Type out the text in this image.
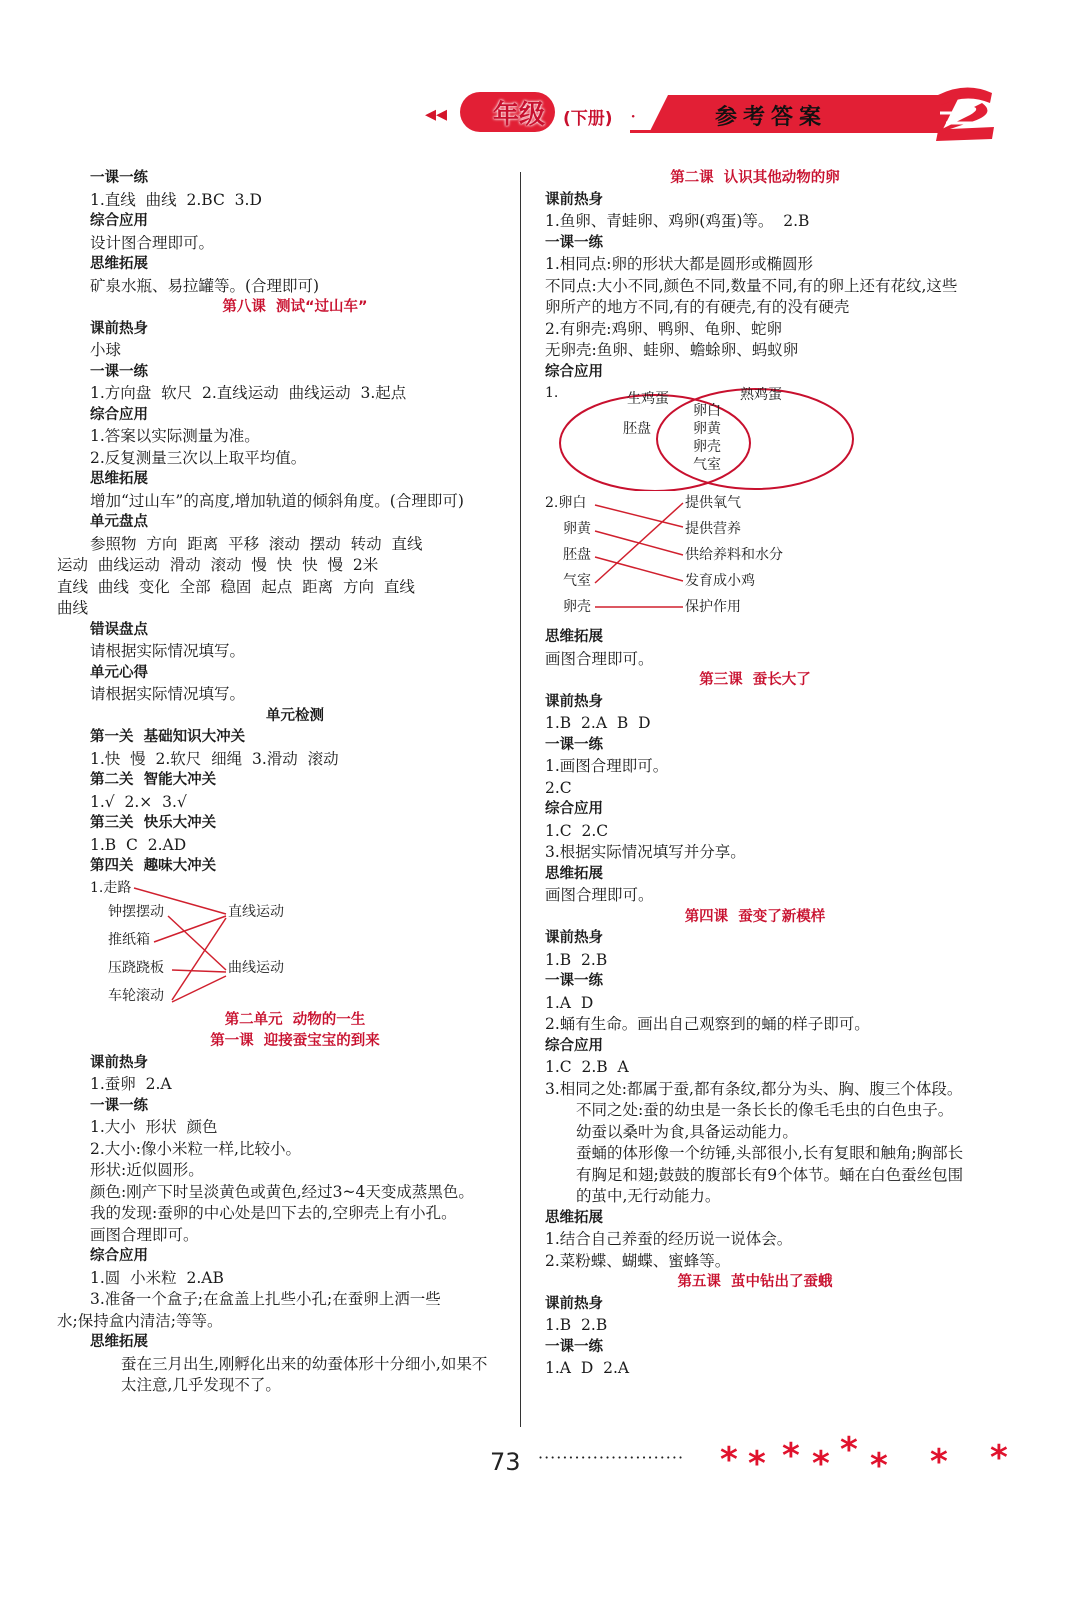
◂◂ 年级 (下册) ·	参考答案
一课一练
1.直线  曲线  2.BC  3.D
综合应用
设计图合理即可。
思维拓展
矿泉水瓶、易拉罐等。(合理即可)
第八课  测试“过山车”
课前热身
小球
一课一练
1.方向盘  软尺  2.直线运动  曲线运动  3.起点
综合应用
1.答案以实际测量为准。
2.反复测量三次以上取平均值。
思维拓展
增加“过山车”的高度,增加轨道的倾斜角度。(合理即可)
单元盘点
参照物  方向  距离  平移  滚动  摆动  转动  直线
运动  曲线运动  滑动  滚动  慢  快  快  慢  2米
直线  曲线  变化  全部  稳固  起点  距离  方向  直线
曲线
错误盘点
请根据实际情况填写。
单元心得
请根据实际情况填写。
单元检测
第一关  基础知识大冲关
1.快  慢  2.软尺  细绳  3.滑动  滚动
第二关  智能大冲关
1.√  2.×  3.√
第三关  快乐大冲关
1.B  C  2.AD
第四关  趣味大冲关
1.走路
钟摆摆动
推纸箱
压跷跷板
车轮滚动
直线运动
曲线运动
第二单元  动物的一生
第一课  迎接蚕宝宝的到来
课前热身
1.蚕卵  2.A
一课一练
1.大小  形状  颜色
2.大小:像小米粒一样,比较小。
形状:近似圆形。
颜色:刚产下时呈淡黄色或黄色,经过3~4天变成蒸黑色。
我的发现:蚕卵的中心处是凹下去的,空卵壳上有小孔。
画图合理即可。
综合应用
1.圆  小米粒  2.AB
3.准备一个盒子;在盒盖上扎些小孔;在蚕卵上洒一些
水;保持盒内清洁;等等。
思维拓展
蚕在三月出生,刚孵化出来的幼蚕体形十分细小,如果不太注意,几乎发现不了。
第二课  认识其他动物的卵
课前热身
1.鱼卵、青蛙卵、鸡卵(鸡蛋)等。  2.B
一课一练
1.相同点:卵的形状大都是圆形或椭圆形
不同点:大小不同,颜色不同,数量不同,有的卵上还有花纹,这些卵所产的地方不同,有的有硬壳,有的没有硬壳
2.有卵壳:鸡卵、鸭卵、龟卵、蛇卵
无卵壳:鱼卵、蛙卵、蟾蜍卵、蚂蚁卵
综合应用
1.	生鸡蛋	熟鸡蛋
胚盘
卵白
卵黄
卵壳
气室
2.卵白
卵黄
胚盘
气室
卵壳
提供氧气
提供营养
供给养料和水分
发育成小鸡
保护作用
思维拓展
画图合理即可。
第三课  蚕长大了
课前热身
1.B  2.A  B  D
一课一练
1.画图合理即可。
2.C
综合应用
1.C  2.C
3.根据实际情况填写并分享。
思维拓展
画图合理即可。
第四课  蚕变了新模样
课前热身
1.B  2.B
一课一练
1.A  D
2.蛹有生命。画出自己观察到的蛹的样子即可。
综合应用
1.C  2.B  A
3.相同之处:都属于蚕,都有条纹,都分为头、胸、腹三个体段。
不同之处:蚕的幼虫是一条长长的像毛毛虫的白色虫子。幼蚕以桑叶为食,具备运动能力。
蚕蛹的体形像一个纺锤,头部很小,长有复眼和触角;胸部长有胸足和翅;鼓鼓的腹部长有9个体节。蛹在白色蚕丝包围的茧中,无行动能力。
思维拓展
1.结合自己养蚕的经历说一说体会。
2.菜粉蝶、蝴蝶、蜜蜂等。
第五课  茧中钻出了蚕蛾
课前热身
1.B  2.B
一课一练
1.A  D  2.A
73 ························ * * * * * * * *
